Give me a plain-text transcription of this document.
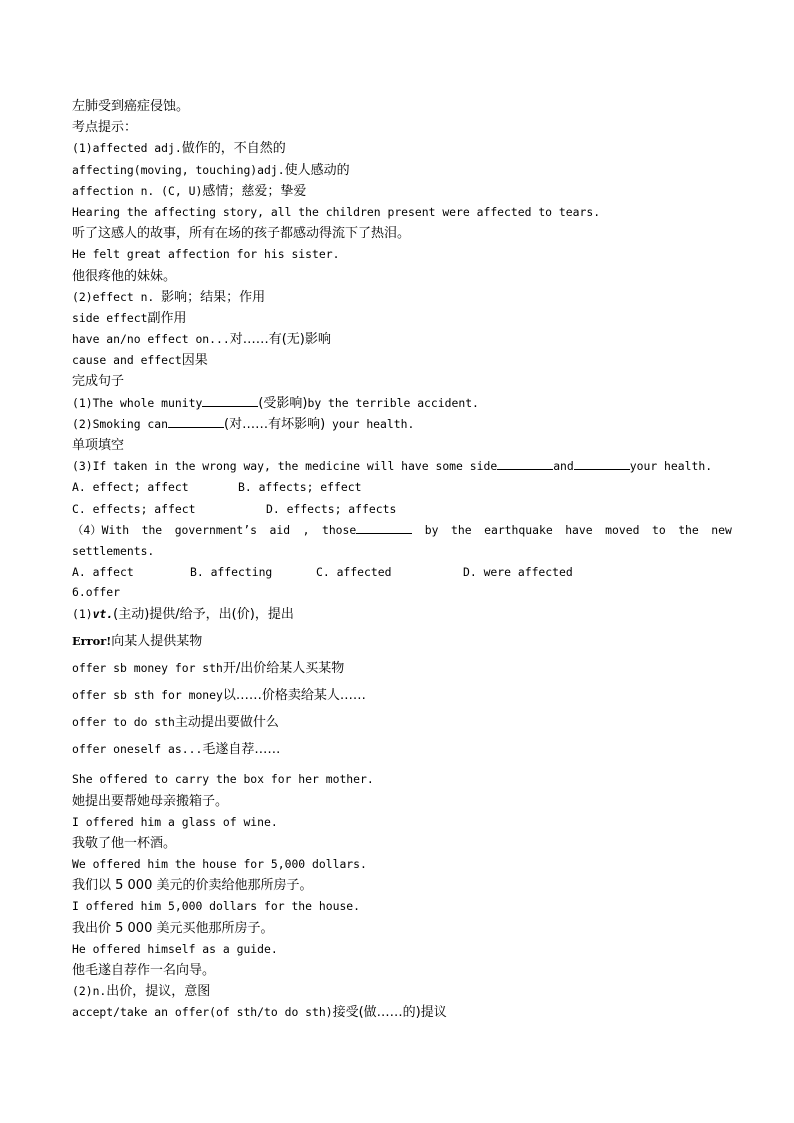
左肺受到癌症侵蚀。
考点提示：
(1)affected adj.做作的，不自然的
affecting(moving, touching)adj.使人感动的
affection n. (C, U)感情；慈爱；挚爱
Hearing the affecting story, all the children present were affected to tears.
听了这感人的故事，所有在场的孩子都感动得流下了热泪。
He felt great affection for his sister.
他很疼他的妹妹。
(2)effect n. 影响；结果；作用
side effect副作用
have an/no effect on...对……有(无)影响
cause and effect因果
完成句子
(1)The whole munity	(受影响)by the terrible accident.
(2)Smoking can	(对……有坏影响) your health.
单项填空
(3)If taken in the wrong way, the medicine will have some side	and	your health.
A. effect; affect	B. affects; effect
C. effects; affect	D. effects; affects
（4）With the government’s aid , those	by the earthquake have moved to the new
settlements.
A. affect	B. affecting	C. affected	D. were affected
6.offer
(1)vt.(主动)提供/给予，出(价)，提出
Error!向某人提供某物
offer sb money for sth开/出价给某人买某物
offer sb sth for money以……价格卖给某人……
offer to do sth主动提出要做什么
offer oneself as...毛遂自荐……
She offered to carry the box for her mother.
她提出要帮她母亲搬箱子。
I offered him a glass of wine.
我敬了他一杯酒。
We offered him the house for 5,000 dollars.
我们以 5 000 美元的价卖给他那所房子。
I offered him 5,000 dollars for the house.
我出价 5 000 美元买他那所房子。
He offered himself as a guide.
他毛遂自荐作一名向导。
(2)n.出价，提议，意图
accept/take an offer(of sth/to do sth)接受(做……的)提议
